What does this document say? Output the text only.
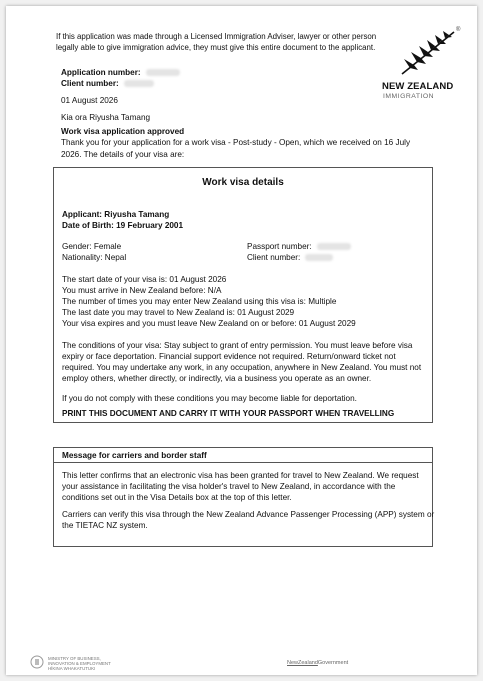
If this application was made through a Licensed Immigration Adviser, lawyer or other person
legally able to give immigration advice, they must give this entire document to the applicant.
®
NEW ZEALAND
IMMIGRATION
Application number:
Client number:
01 August 2026
Kia ora Riyusha Tamang
Work visa application approved
Thank you for your application for a work visa - Post-study - Open, which we received on 16 July
2026. The details of your visa are:
Work visa details
Applicant: Riyusha Tamang
Date of Birth: 19 February 2001
Gender: Female
Nationality: Nepal
Passport number:
Client number:
The start date of your visa is: 01 August 2026
You must arrive in New Zealand before: N/A
The number of times you may enter New Zealand using this visa is: Multiple
The last date you may travel to New Zealand is: 01 August 2029
Your visa expires and you must leave New Zealand on or before: 01 August 2029
The conditions of your visa: Stay subject to grant of entry permission. You must leave before visa
expiry or face deportation. Financial support evidence not required. Return/onward ticket not
required. You may undertake any work, in any occupation, anywhere in New Zealand. You must not
employ others, whether directly, or indirectly, via a business you operate as an owner.
If you do not comply with these conditions you may become liable for deportation.
PRINT THIS DOCUMENT AND CARRY IT WITH YOUR PASSPORT WHEN TRAVELLING
Message for carriers and border staff
This letter confirms that an electronic visa has been granted for travel to New Zealand. We request
your assistance in facilitating the visa holder's travel to New Zealand, in accordance with the
conditions set out in the Visa Details box at the top of this letter.
Carriers can verify this visa through the New Zealand Advance Passenger Processing (APP) system or
the TIETAC NZ system.
MINISTRY OF BUSINESS,
INNOVATION & EMPLOYMENT
HĪKINA WHAKATUTUKI
NewZealandGovernment
